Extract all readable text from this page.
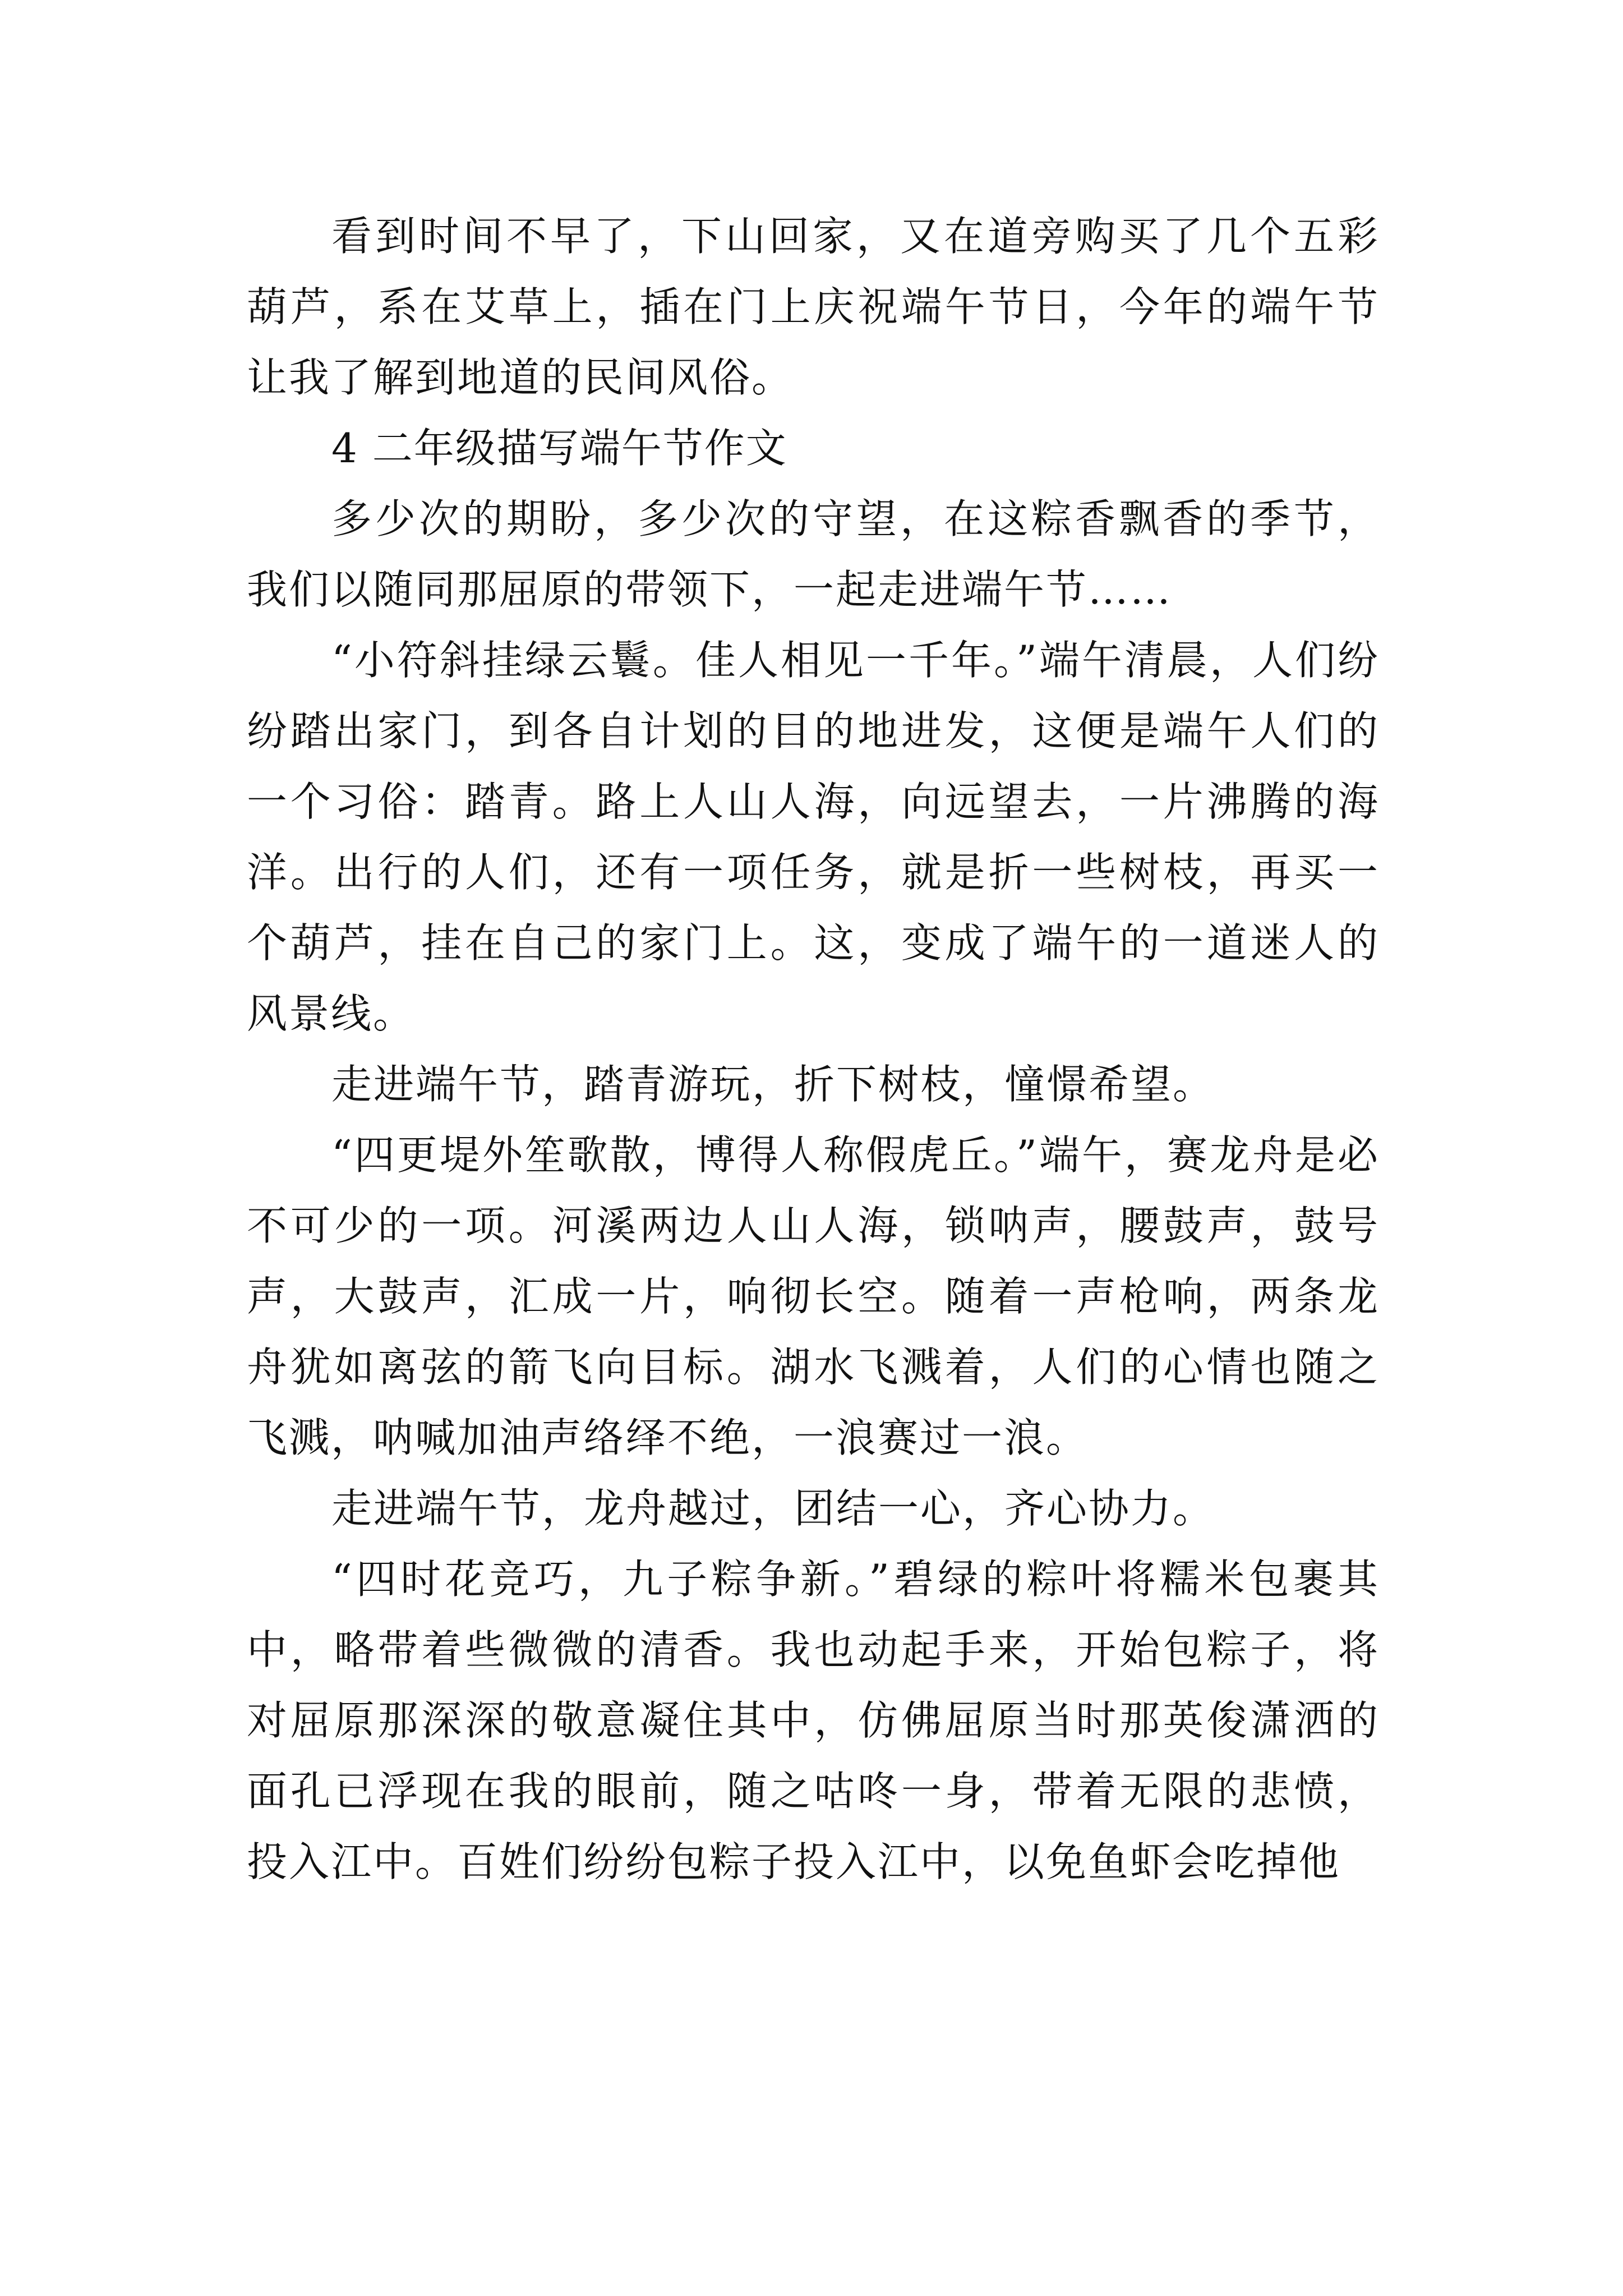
看到时间不早了，下山回家，又在道旁购买了几个五彩葫芦，系在艾草上，插在门上庆祝端午节日，今年的端午节让我了解到地道的民间风俗。

4 二年级描写端午节作文

多少次的期盼，多少次的守望，在这粽香飘香的季节，我们以随同那屈原的带领下，一起走进端午节……

“小符斜挂绿云鬟。佳人相见一千年。”端午清晨，人们纷纷踏出家门，到各自计划的目的地进发，这便是端午人们的一个习俗：踏青。路上人山人海，向远望去，一片沸腾的海洋。出行的人们，还有一项任务，就是折一些树枝，再买一个葫芦，挂在自己的家门上。这，变成了端午的一道迷人的风景线。

走进端午节，踏青游玩，折下树枝，憧憬希望。

“四更堤外笙歌散，博得人称假虎丘。”端午，赛龙舟是必不可少的一项。河溪两边人山人海，锁呐声，腰鼓声，鼓号声，大鼓声，汇成一片，响彻长空。随着一声枪响，两条龙舟犹如离弦的箭飞向目标。湖水飞溅着，人们的心情也随之飞溅，呐喊加油声络绎不绝，一浪赛过一浪。

走进端午节，龙舟越过，团结一心，齐心协力。

“四时花竞巧，九子粽争新。”碧绿的粽叶将糯米包裹其中，略带着些微微的清香。我也动起手来，开始包粽子，将对屈原那深深的敬意凝住其中，仿佛屈原当时那英俊潇洒的面孔已浮现在我的眼前，随之咕咚一身，带着无限的悲愤，投入江中。百姓们纷纷包粽子投入江中，以免鱼虾会吃掉他
